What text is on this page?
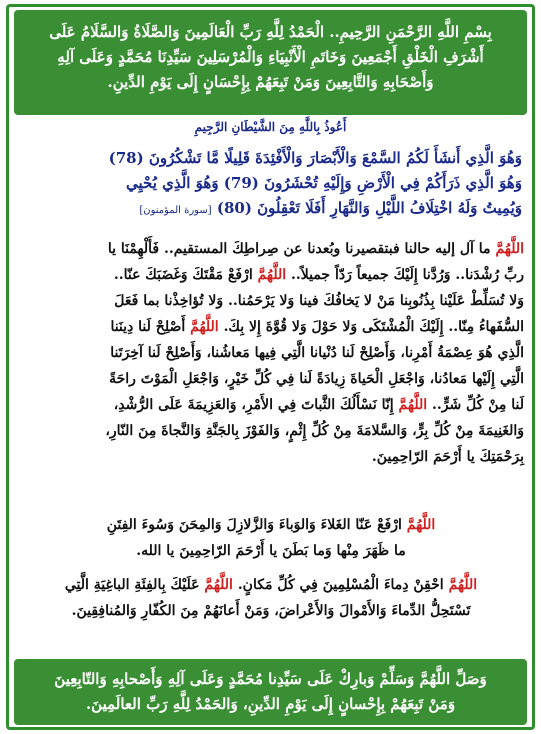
بِسْمِ اللَّهِ الرَّحْمَنِ الرَّحِيمِ.. الْحَمْدُ لِلَّهِ رَبِّ الْعَالَمِينَ وَالصَّلَاةُ وَالسَّلَامُ عَلَى
أَشْرَفِ الْخَلْقِ أَجْمَعِينَ وَخَاتَمِ الْأَنْبِيَاءِ وَالْمُرْسَلِينَ سَيِّدِنَا مُحَمَّدٍ وَعَلَى آلِهِ
وَأَصْحَابِهِ وَالتَّابِعِينَ وَمَنْ تَبِعَهُمْ بِإِحْسَانٍ إِلَى يَوْمِ الدِّينِ.
أَعُوذُ بِاللَّهِ مِنَ الشَّيْطَانِ الرَّجِيمِ
وَهُوَ الَّذِي أَنشَأَ لَكُمُ السَّمْعَ وَالْأَبْصَارَ وَالْأَفْئِدَةَ قَلِيلًا مَّا تَشْكُرُونَ (78)
وَهُوَ الَّذِي ذَرَأَكُمْ فِي الْأَرْضِ وَإِلَيْهِ تُحْشَرُونَ (79) وَهُوَ الَّذِي يُحْيِي
وَيُمِيتُ وَلَهُ اخْتِلَافُ اللَّيْلِ وَالنَّهَارِ أَفَلَا تَعْقِلُونَ (80) [سورة المؤمنون]
اللَّهُمَّ ما آل إليه حالنا فبتقصيرنا وبُعدنا عن صِراطِكَ المستقيم.. فَأَلْهِمْنَا يا
ربِّ رُشْدَنا.. وَرُدَّنا إِلَيْكَ جميعاً رَدّاً جميلاً.. اللَّهُمَّ ارْفَعْ مَقْتَكَ وَغَضَبَكَ عنّا..
وَلا تُسَلِّطْ عَلَيْنا بِذُنُوبِنا مَنْ لا يَخافُكَ فينا وَلا يَرْحَمُنا.. وَلا تُؤاخِذْنا بما فَعَلَ
السُّفَهاءُ مِنّا.. إِلَيْكَ الْمُشْتَكَى وَلا حَوْلَ وَلا قُوَّةَ إِلا بِكَ. اللَّهُمَّ أَصْلِحْ لَنا دِينَنا
الَّذِي هُوَ عِصْمَةُ أَمْرِنا، وَأَصْلِحْ لَنا دُنْيانا الَّتِي فِيها مَعاشُنا، وَأَصْلِحْ لَنا آخِرَتَنا
الَّتِي إِلَيْها مَعادُنا، وَاجْعَلِ الْحَياةَ زِيادَةً لَنا فِي كُلِّ خَيْرٍ، وَاجْعَلِ الْمَوْتَ راحَةً
لَنا مِنْ كُلِّ شَرٍّ.. اللَّهُمَّ إِنّا نَسْأَلُكَ الثَّباتَ فِي الأَمْرِ، وَالعَزِيمَةَ عَلَى الرُّشْدِ،
وَالغَنِيمَةَ مِنْ كُلِّ بِرٍّ، وَالسَّلامَةَ مِنْ كُلِّ إِثْمٍ، وَالفَوْزَ بِالجَنَّةِ وَالنَّجاةَ مِنَ النّارِ،
بِرَحْمَتِكَ يا أَرْحَمَ الرّاحِمِينَ.
اللَّهُمَّ ارْفَعْ عَنّا الغَلاءَ وَالوَباءَ وَالزَّلازِلَ وَالمِحَنَ وَسُوءَ الفِتَنِ
ما ظَهَرَ مِنْها وَما بَطَنَ يا أَرْحَمَ الرّاحِمِينَ يا الله.
اللَّهُمَّ احْقِنْ دِماءَ الْمُسْلِمِينَ فِي كُلِّ مَكانٍ. اللَّهُمَّ عَلَيْكَ بِالفِئَةِ الباغِيَةِ الَّتِي
تَسْتَحِلُّ الدِّماءَ وَالأَمْوالَ وَالأَعْراضَ، وَمَنْ أَعانَهُمْ مِنَ الكُفّارِ وَالمُنافِقِينَ.
وَصَلِّ اللَّهُمَّ وَسَلِّمْ وَبارِكْ عَلَى سَيِّدِنا مُحَمَّدٍ وَعَلَى آلِهِ وَأَصْحابِهِ وَالتّابِعِينَ
وَمَنْ تَبِعَهُمْ بِإِحْسانٍ إِلَى يَوْمِ الدِّينِ، وَالحَمْدُ لِلَّهِ رَبِّ العالَمِينَ.
